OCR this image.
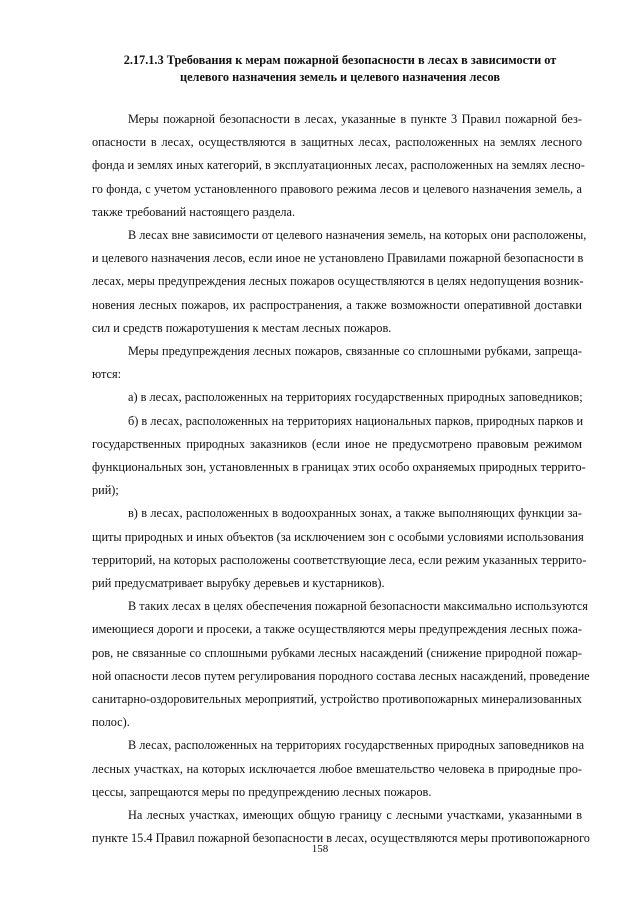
2.17.1.3 Требования к мерам пожарной безопасности в лесах в зависимости от
целевого назначения земель и целевого назначения лесов
Меры пожарной безопасности в лесах, указанные в пункте 3 Правил пожарной без-
опасности в лесах, осуществляются в защитных лесах, расположенных на землях лесного
фонда и землях иных категорий, в эксплуатационных лесах, расположенных на землях лесно-
го фонда, с учетом установленного правового режима лесов и целевого назначения земель, а
также требований настоящего раздела.
В лесах вне зависимости от целевого назначения земель, на которых они расположены,
и целевого назначения лесов, если иное не установлено Правилами пожарной безопасности в
лесах, меры предупреждения лесных пожаров осуществляются в целях недопущения возник-
новения лесных пожаров, их распространения, а также возможности оперативной доставки
сил и средств пожаротушения к местам лесных пожаров.
Меры предупреждения лесных пожаров, связанные со сплошными рубками, запреща-
ются:
а) в лесах, расположенных на территориях государственных природных заповедников;
б) в лесах, расположенных на территориях национальных парков, природных парков и
государственных природных заказников (если иное не предусмотрено правовым режимом
функциональных зон, установленных в границах этих особо охраняемых природных террито-
рий);
в) в лесах, расположенных в водоохранных зонах, а также выполняющих функции за-
щиты природных и иных объектов (за исключением зон с особыми условиями использования
территорий, на которых расположены соответствующие леса, если режим указанных террито-
рий предусматривает вырубку деревьев и кустарников).
В таких лесах в целях обеспечения пожарной безопасности максимально используются
имеющиеся дороги и просеки, а также осуществляются меры предупреждения лесных пожа-
ров, не связанные со сплошными рубками лесных насаждений (снижение природной пожар-
ной опасности лесов путем регулирования породного состава лесных насаждений, проведение
санитарно-оздоровительных мероприятий, устройство противопожарных минерализованных
полос).
В лесах, расположенных на территориях государственных природных заповедников на
лесных участках, на которых исключается любое вмешательство человека в природные про-
цессы, запрещаются меры по предупреждению лесных пожаров.
На лесных участках, имеющих общую границу с лесными участками, указанными в
пункте 15.4 Правил пожарной безопасности в лесах, осуществляются меры противопожарного
158
